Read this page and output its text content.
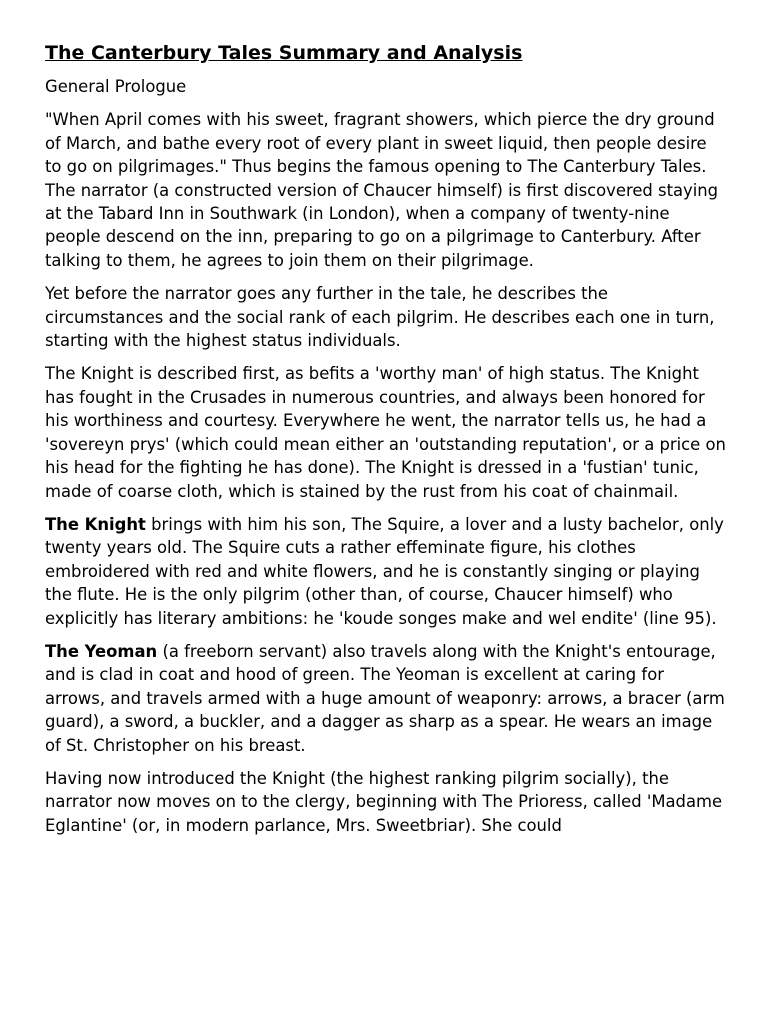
The Canterbury Tales Summary and Analysis
General Prologue

"When April comes with his sweet, fragrant showers, which pierce the dry ground of March, and bathe every root of every plant in sweet liquid, then people desire to go on pilgrimages." Thus begins the famous opening to The Canterbury Tales. The narrator (a constructed version of Chaucer himself) is first discovered staying at the Tabard Inn in Southwark (in London), when a company of twenty-nine people descend on the inn, preparing to go on a pilgrimage to Canterbury. After talking to them, he agrees to join them on their pilgrimage.

Yet before the narrator goes any further in the tale, he describes the circumstances and the social rank of each pilgrim. He describes each one in turn, starting with the highest status individuals.

The Knight is described first, as befits a 'worthy man' of high status. The Knight has fought in the Crusades in numerous countries, and always been honored for his worthiness and courtesy. Everywhere he went, the narrator tells us, he had a 'sovereyn prys' (which could mean either an 'outstanding reputation', or a price on his head for the fighting he has done). The Knight is dressed in a 'fustian' tunic, made of coarse cloth, which is stained by the rust from his coat of chainmail.

The Knight brings with him his son, The Squire, a lover and a lusty bachelor, only twenty years old. The Squire cuts a rather effeminate figure, his clothes embroidered with red and white flowers, and he is constantly singing or playing the flute. He is the only pilgrim (other than, of course, Chaucer himself) who explicitly has literary ambitions: he 'koude songes make and wel endite' (line 95).

The Yeoman (a freeborn servant) also travels along with the Knight's entourage, and is clad in coat and hood of green. The Yeoman is excellent at caring for arrows, and travels armed with a huge amount of weaponry: arrows, a bracer (arm guard), a sword, a buckler, and a dagger as sharp as a spear. He wears an image of St. Christopher on his breast.

Having now introduced the Knight (the highest ranking pilgrim socially), the narrator now moves on to the clergy, beginning with The Prioress, called 'Madame Eglantine' (or, in modern parlance, Mrs. Sweetbriar). She could
